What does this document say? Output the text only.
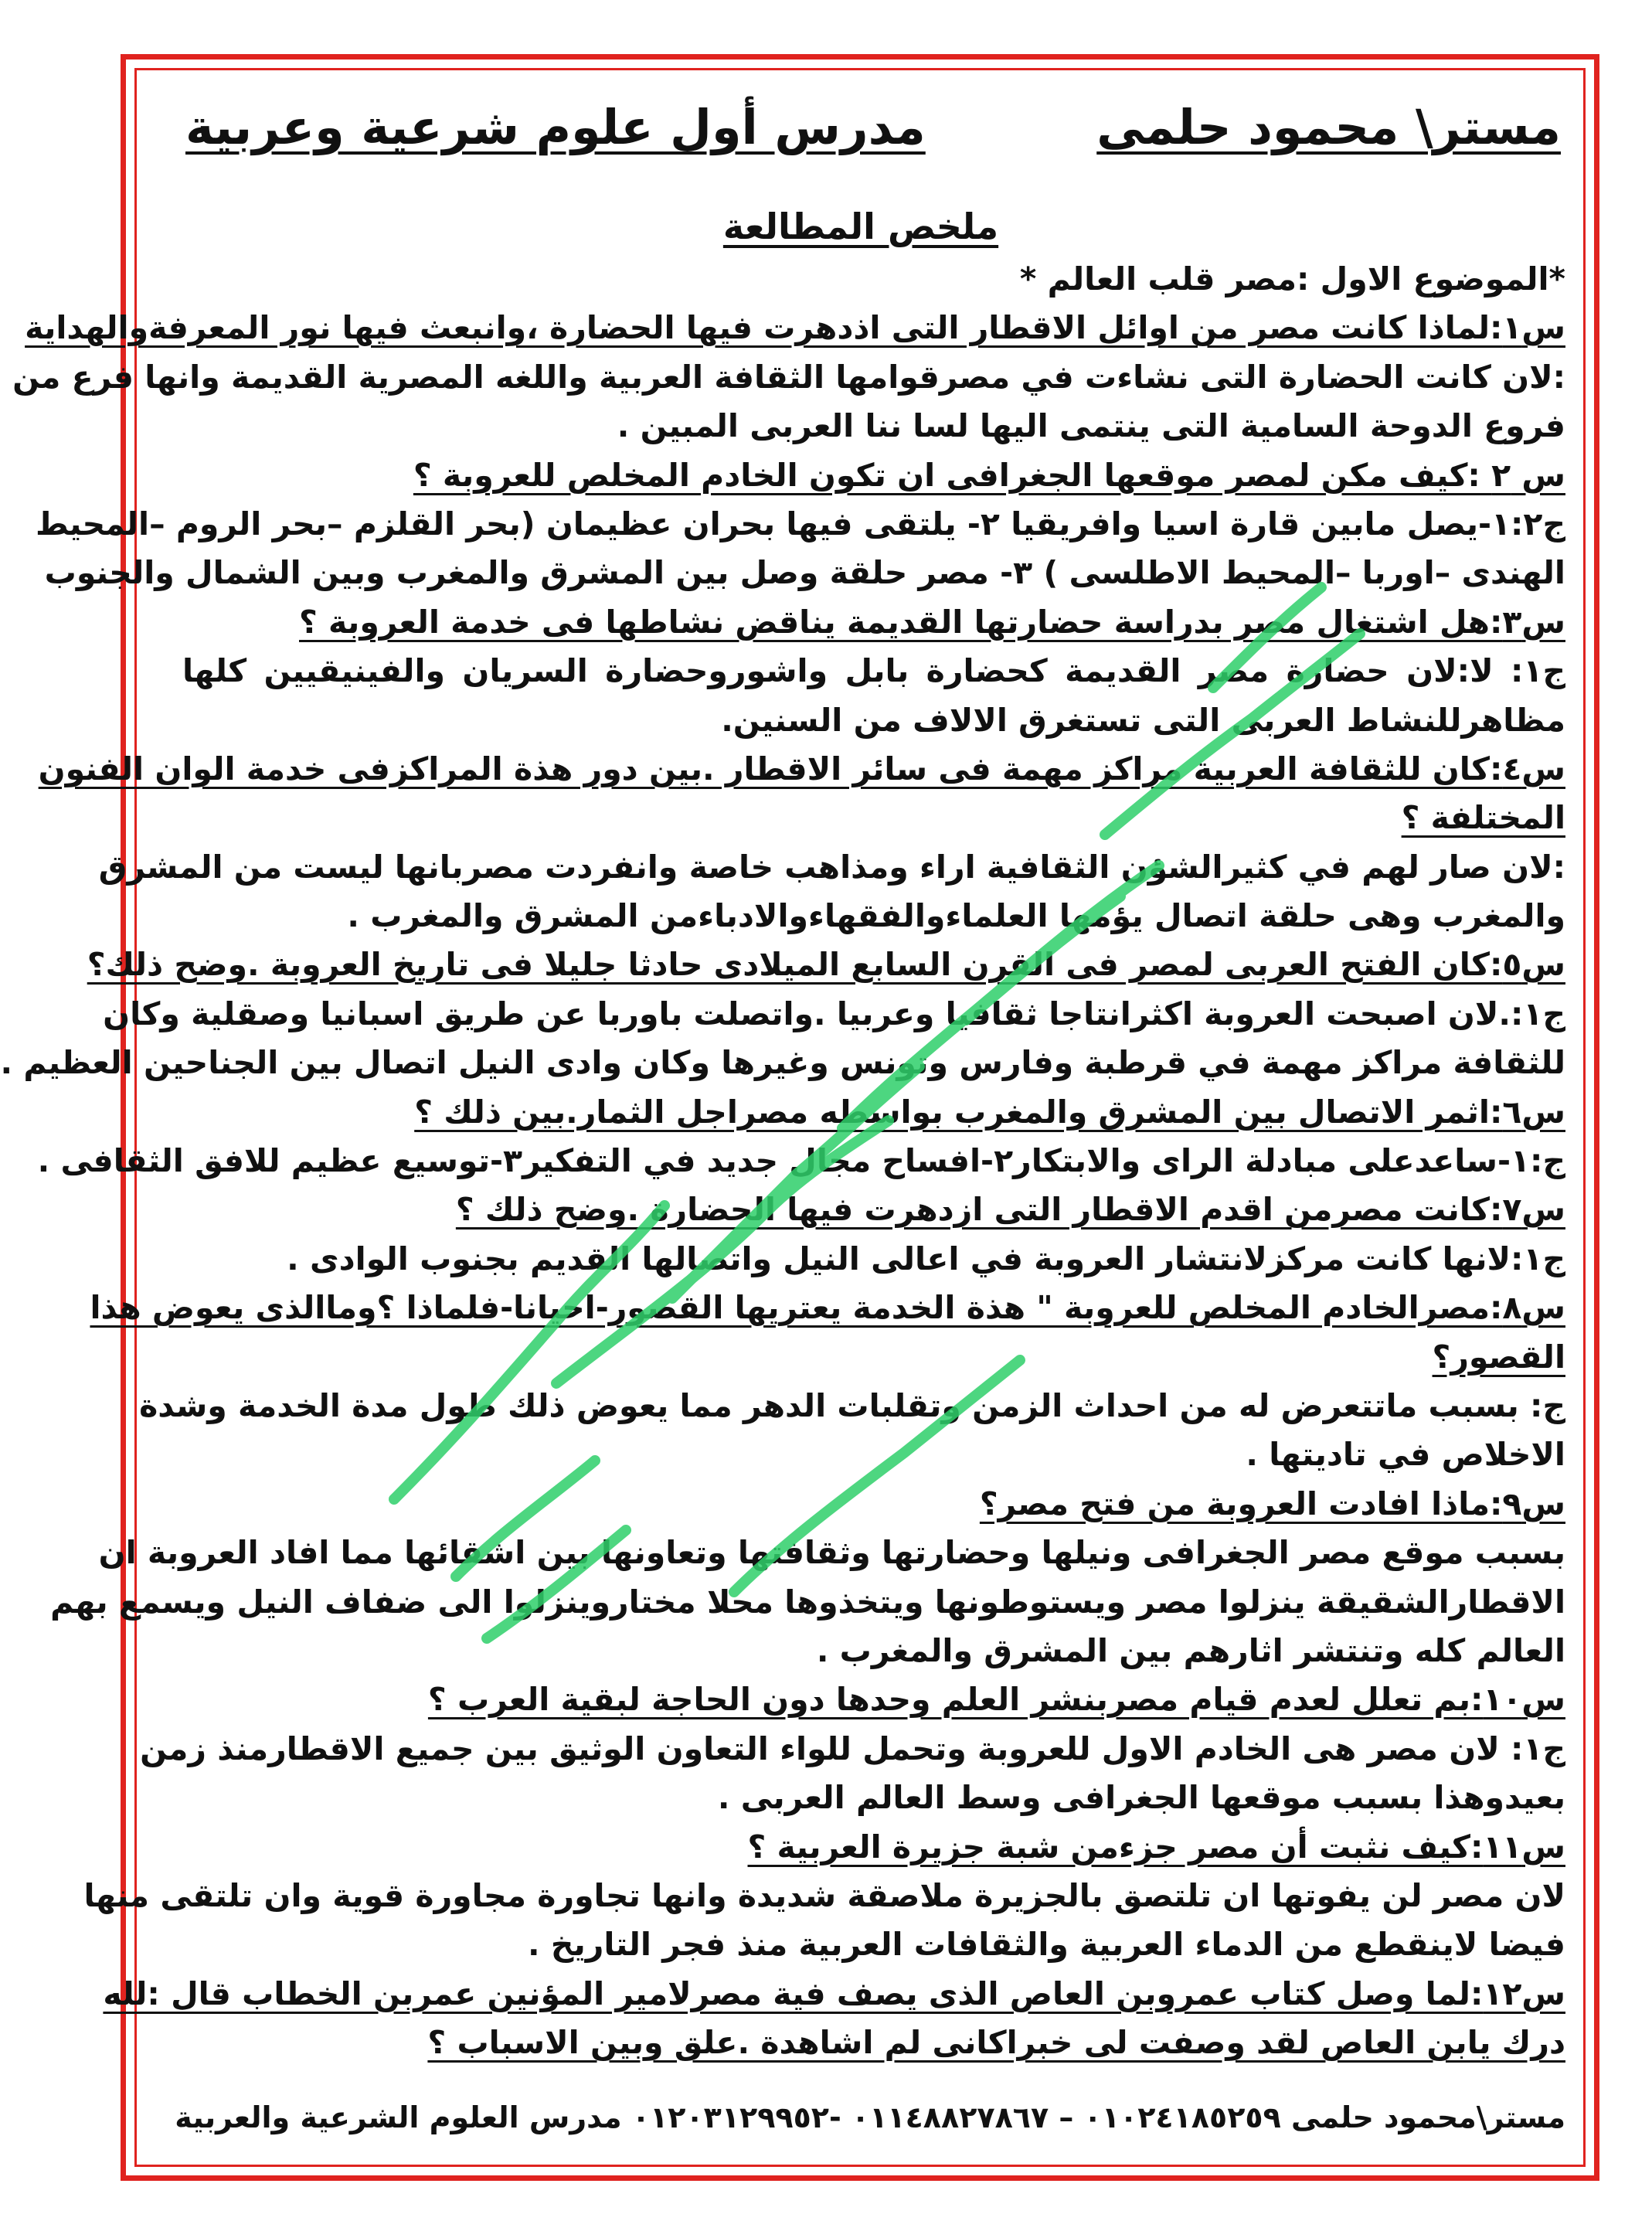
مستر\ محمود حلمى
مدرس أول علوم شرعية وعربية
ملخص المطالعة
*الموضوع الاول :مصر قلب العالم *
س١:لماذا كانت مصر من اوائل الاقطار التى اذدهرت فيها الحضارة ،وانبعث فيها نور المعرفةوالهداية
:لان كانت الحضارة التى نشاءت في مصرقوامها الثقافة العربية واللغه المصرية القديمة وانها فرع من
فروع الدوحة السامية التى ينتمى اليها لسا ننا العربى المبين .
س ٢ :كيف مكن لمصر موقعها الجغرافى ان تكون الخادم المخلص للعروبة ؟
ج١:٢-يصل مابين قارة اسيا وافريقيا ٢- يلتقى فيها بحران عظيمان (بحر القلزم –بحر الروم –المحيط
الهندى –اوربا –المحيط الاطلسى ) ٣- مصر حلقة وصل بين المشرق والمغرب وبين الشمال والجنوب
س٣:هل اشتغال مصر بدراسة حضارتها القديمة يناقض نشاطها فى خدمة العروبة ؟
ج١: لا:لان حضارة مصر القديمة كحضارة بابل واشوروحضارة السريان والفينيقيين كلها
مظاهرللنشاط العربى التى تستغرق الالاف من السنين.
س٤:كان للثقافة العربية مراكز مهمة فى سائر الاقطار .بين دور هذة المراكزفى خدمة الوان الفنون
المختلفة ؟
:لان صار لهم في كثيرالشؤن الثقافية اراء ومذاهب خاصة وانفردت مصربانها ليست من المشرق
والمغرب وهى حلقة اتصال يؤمها العلماءوالفقهاءوالادباءمن المشرق والمغرب .
س٥:كان الفتح العربى لمصر فى القرن السابع الميلادى حادثا جليلا فى تاريخ العروبة .وضح ذلك؟
ج١:.لان اصبحت العروبة اكثرانتاجا ثقافيا وعربيا .واتصلت باوربا عن طريق اسبانيا وصقلية وكان
للثقافة مراكز مهمة في قرطبة وفارس وتونس وغيرها وكان وادى النيل اتصال بين الجناحين العظيم .
س٦:اثمر الاتصال بين المشرق والمغرب بواسطه مصراجل الثمار.بين ذلك ؟
ج:١-ساعدعلى مبادلة الراى والابتكار٢-افساح مجال جديد في التفكير٣-توسيع عظيم للافق الثقافى .
س٧:كانت مصرمن اقدم الاقطار التى ازدهرت فيها الحضارة .وضح ذلك ؟
ج١:لانها كانت مركزلانتشار العروبة في اعالى النيل واتصالها القديم بجنوب الوادى .
س٨:مصرالخادم المخلص للعروبة " هذة الخدمة يعتريها القصور-احيانا-فلماذا ؟وماالذى يعوض هذا
القصور؟
ج: بسبب ماتتعرض له من احداث الزمن وتقلبات الدهر مما يعوض ذلك طول مدة الخدمة وشدة
الاخلاص في تاديتها .
س٩:ماذا افادت العروبة من فتح مصر؟
بسبب موقع مصر الجغرافى ونيلها وحضارتها وثقافتها وتعاونها بين اشقائها مما افاد العروبة ان
الاقطارالشقيقة ينزلوا مصر ويستوطونها ويتخذوها محلا مختاروينزلوا الى ضفاف النيل ويسمع بهم
العالم كله وتنتشر اثارهم بين المشرق والمغرب .
س١٠:بم تعلل لعدم قيام مصربنشر العلم وحدها دون الحاجة لبقية العرب ؟
ج١: لان مصر هى الخادم الاول للعروبة وتحمل للواء التعاون الوثيق بين جميع الاقطارمنذ زمن
بعيدوهذا بسبب موقعها الجغرافى وسط العالم العربى .
س١١:كيف نثبت أن مصر جزءمن شبة جزيرة العربية ؟
لان مصر لن يفوتها ان تلتصق بالجزيرة ملاصقة شديدة وانها تجاورة مجاورة قوية وان تلتقى منها
فيضا لاينقطع من الدماء العربية والثقافات العربية منذ فجر التاريخ .
س١٢:لما وصل كتاب عمروبن العاص الذى يصف فية مصرلامير المؤنين عمربن الخطاب قال :لله
درك يابن العاص لقد وصفت لى خبراكانى لم اشاهدة .علق وبين الاسباب ؟
مستر\محمود حلمى ٠١٠٢٤١٨٥٢٥٩ – ٠١١٤٨٨٢٧٨٦٧ -٠١٢٠٣١٢٩٩٥٢ مدرس العلوم الشرعية والعربية
